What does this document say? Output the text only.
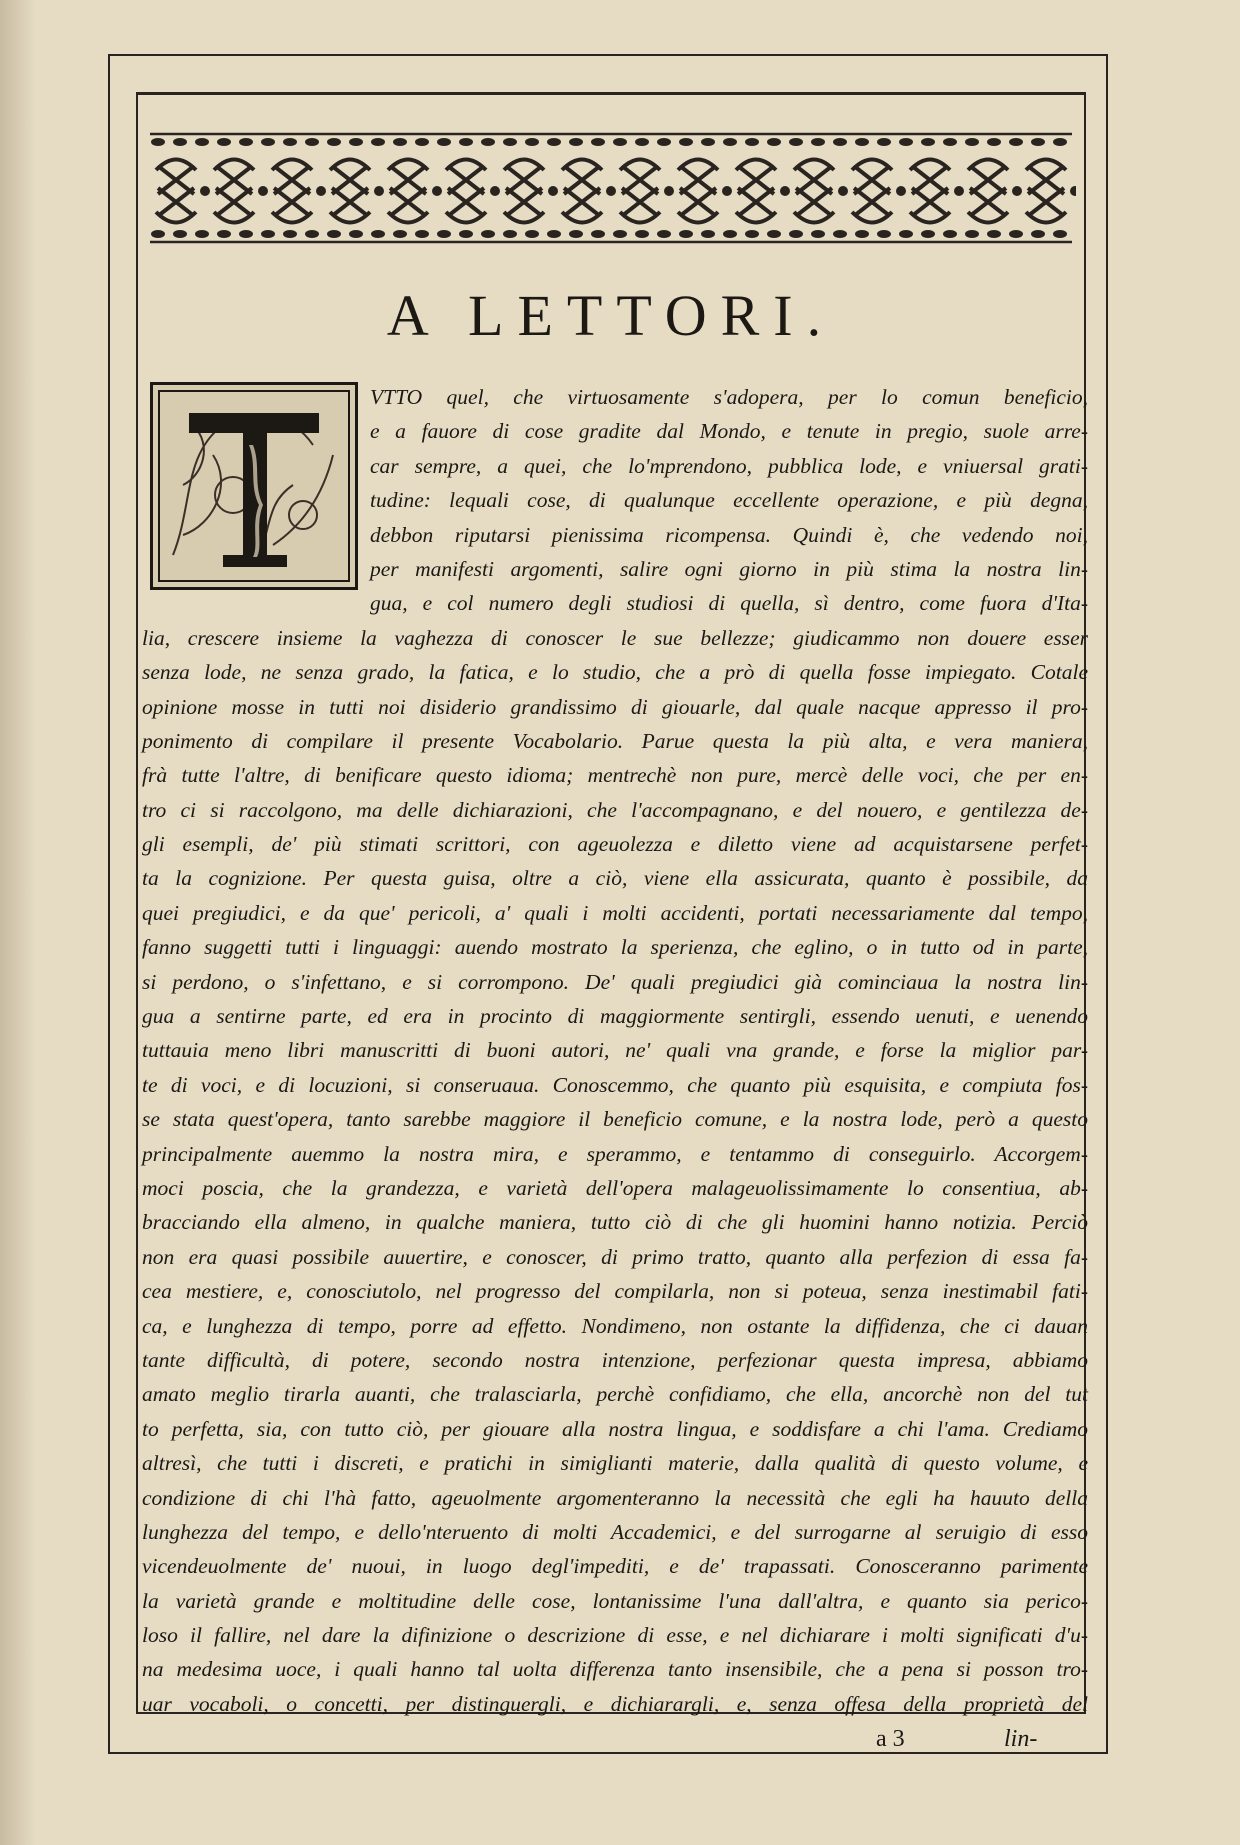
A LETTORI.
VTTO quel, che virtuosamente s'adopera, per lo comun beneficio,
e a fauore di cose gradite dal Mondo, e tenute in pregio, suole arre-
car sempre, a quei, che lo'mprendono, pubblica lode, e vniuersal grati-
tudine: lequali cose, di qualunque eccellente operazione, e più degna,
debbon riputarsi pienissima ricompensa. Quindi è, che vedendo noi,
per manifesti argomenti, salire ogni giorno in più stima la nostra lin-
gua, e col numero degli studiosi di quella, sì dentro, come fuora d'Ita-
lia, crescere insieme la vaghezza di conoscer le sue bellezze; giudicammo non douere esser
senza lode, ne senza grado, la fatica, e lo studio, che a prò di quella fosse impiegato. Cotale
opinione mosse in tutti noi disiderio grandissimo di giouarle, dal quale nacque appresso il pro-
ponimento di compilare il presente Vocabolario. Parue questa la più alta, e vera maniera,
frà tutte l'altre, di benificare questo idioma; mentrechè non pure, mercè delle voci, che per en-
tro ci si raccolgono, ma delle dichiarazioni, che l'accompagnano, e del nouero, e gentilezza de-
gli esempli, de' più stimati scrittori, con ageuolezza e diletto viene ad acquistarsene perfet-
ta la cognizione. Per questa guisa, oltre a ciò, viene ella assicurata, quanto è possibile, da
quei pregiudici, e da que' pericoli, a' quali i molti accidenti, portati necessariamente dal tempo,
fanno suggetti tutti i linguaggi: auendo mostrato la sperienza, che eglino, o in tutto od in parte,
si perdono, o s'infettano, e si corrompono. De' quali pregiudici già cominciaua la nostra lin-
gua a sentirne parte, ed era in procinto di maggiormente sentirgli, essendo uenuti, e uenendo
tuttauia meno libri manuscritti di buoni autori, ne' quali vna grande, e forse la miglior par-
te di voci, e di locuzioni, si conseruaua. Conoscemmo, che quanto più esquisita, e compiuta fos-
se stata quest'opera, tanto sarebbe maggiore il beneficio comune, e la nostra lode, però a questo
principalmente auemmo la nostra mira, e sperammo, e tentammo di conseguirlo. Accorgem-
moci poscia, che la grandezza, e varietà dell'opera malageuolissimamente lo consentiua, ab-
bracciando ella almeno, in qualche maniera, tutto ciò di che gli huomini hanno notizia. Perciò
non era quasi possibile auuertire, e conoscer, di primo tratto, quanto alla perfezion di essa fa-
cea mestiere, e, conosciutolo, nel progresso del compilarla, non si poteua, senza inestimabil fati-
ca, e lunghezza di tempo, porre ad effetto. Nondimeno, non ostante la diffidenza, che ci dauan
tante difficultà, di potere, secondo nostra intenzione, perfezionar questa impresa, abbiamo
amato meglio tirarla auanti, che tralasciarla, perchè confidiamo, che ella, ancorchè non del tut
to perfetta, sia, con tutto ciò, per giouare alla nostra lingua, e soddisfare a chi l'ama. Crediamo
altresì, che tutti i discreti, e pratichi in simiglianti materie, dalla qualità di questo volume, e
condizione di chi l'hà fatto, ageuolmente argomenteranno la necessità che egli ha hauuto della
lunghezza del tempo, e dello'nteruento di molti Accademici, e del surrogarne al seruigio di esso
vicendeuolmente de' nuoui, in luogo degl'impediti, e de' trapassati. Conosceranno parimente
la varietà grande e moltitudine delle cose, lontanissime l'una dall'altra, e quanto sia perico-
loso il fallire, nel dare la difinizione o descrizione di esse, e nel dichiarare i molti significati d'u-
na medesima uoce, i quali hanno tal uolta differenza tanto insensibile, che a pena si posson tro-
uar vocaboli, o concetti, per distinguergli, e dichiarargli, e, senza offesa della proprietà del
a 3	lin-
